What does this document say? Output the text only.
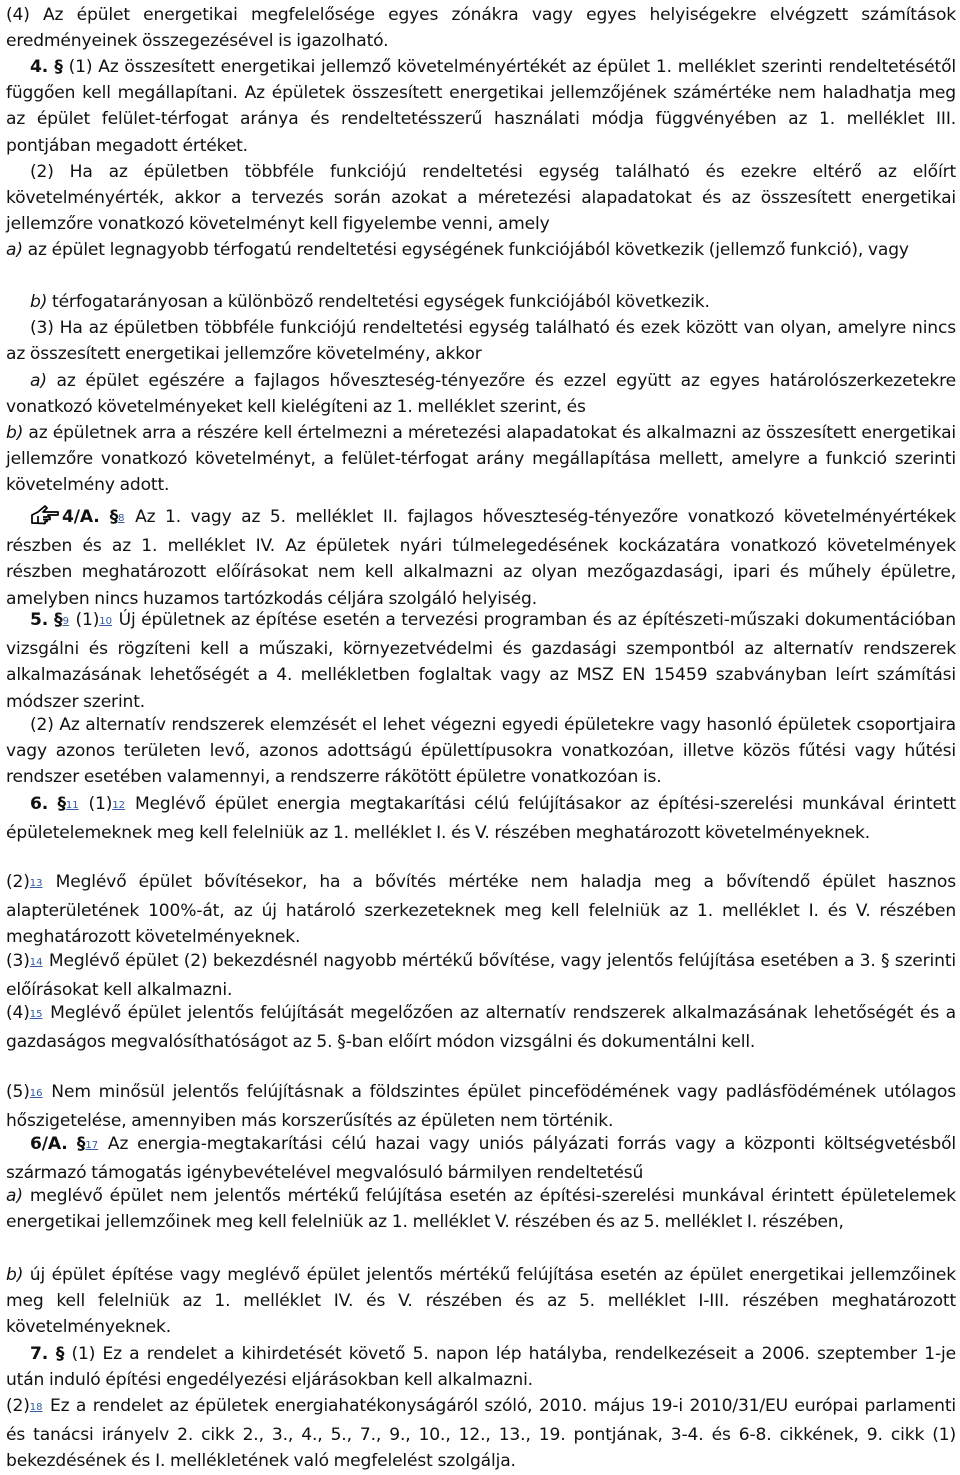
(4) Az épület energetikai megfelelősége egyes zónákra vagy egyes helyiségekre elvégzett számítások eredményeinek összegezésével is igazolható.

4. § (1) Az összesített energetikai jellemző követelményértékét az épület 1. melléklet szerinti rendeltetésétől függően kell megállapítani. Az épületek összesített energetikai jellemzőjének számértéke nem haladhatja meg az épület felület-térfogat aránya és rendeltetésszerű használati módja függvényében az 1. melléklet III. pontjában megadott értéket.

(2) Ha az épületben többféle funkciójú rendeltetési egység található és ezekre eltérő az előírt követelményérték, akkor a tervezés során azokat a méretezési alapadatokat és az összesített energetikai jellemzőre vonatkozó követelményt kell figyelembe venni, amely

a) az épület legnagyobb térfogatú rendeltetési egységének funkciójából következik (jellemző funkció), vagy

b) térfogatarányosan a különböző rendeltetési egységek funkciójából következik.

(3) Ha az épületben többféle funkciójú rendeltetési egység található és ezek között van olyan, amelyre nincs az összesített energetikai jellemzőre követelmény, akkor

a) az épület egészére a fajlagos hőveszteség-tényezőre és ezzel együtt az egyes határolószerkezetekre vonatkozó követelményeket kell kielégíteni az 1. melléklet szerint, és

b) az épületnek arra a részére kell értelmezni a méretezési alapadatokat és alkalmazni az összesített energetikai jellemzőre vonatkozó követelményt, a felület-térfogat arány megállapítása mellett, amelyre a funkció szerinti követelmény adott.

4/A. §8 Az 1. vagy az 5. melléklet II. fajlagos hőveszteség-tényezőre vonatkozó követelményértékek részben és az 1. melléklet IV. Az épületek nyári túlmelegedésének kockázatára vonatkozó követelmények részben meghatározott előírásokat nem kell alkalmazni az olyan mezőgazdasági, ipari és műhely épületre, amelyben nincs huzamos tartózkodás céljára szolgáló helyiség.

5. §9 (1)10 Új épületnek az építése esetén a tervezési programban és az építészeti-műszaki dokumentációban vizsgálni és rögzíteni kell a műszaki, környezetvédelmi és gazdasági szempontból az alternatív rendszerek alkalmazásának lehetőségét a 4. mellékletben foglaltak vagy az MSZ EN 15459 szabványban leírt számítási módszer szerint.

(2) Az alternatív rendszerek elemzését el lehet végezni egyedi épületekre vagy hasonló épületek csoportjaira vagy azonos területen levő, azonos adottságú épülettípusokra vonatkozóan, illetve közös fűtési vagy hűtési rendszer esetében valamennyi, a rendszerre rákötött épületre vonatkozóan is.

6. §11 (1)12 Meglévő épület energia megtakarítási célú felújításakor az építési-szerelési munkával érintett épületelemeknek meg kell felelniük az 1. melléklet I. és V. részében meghatározott követelményeknek.

(2)13 Meglévő épület bővítésekor, ha a bővítés mértéke nem haladja meg a bővítendő épület hasznos alapterületének 100%-át, az új határoló szerkezeteknek meg kell felelniük az 1. melléklet I. és V. részében meghatározott követelményeknek.

(3)14 Meglévő épület (2) bekezdésnél nagyobb mértékű bővítése, vagy jelentős felújítása esetében a 3. § szerinti előírásokat kell alkalmazni.

(4)15 Meglévő épület jelentős felújítását megelőzően az alternatív rendszerek alkalmazásának lehetőségét és a gazdaságos megvalósíthatóságot az 5. §-ban előírt módon vizsgálni és dokumentálni kell.

(5)16 Nem minősül jelentős felújításnak a földszintes épület pincefödémének vagy padlásfödémének utólagos hőszigetelése, amennyiben más korszerűsítés az épületen nem történik.

6/A. §17 Az energia-megtakarítási célú hazai vagy uniós pályázati forrás vagy a központi költségvetésből származó támogatás igénybevételével megvalósuló bármilyen rendeltetésű

a) meglévő épület nem jelentős mértékű felújítása esetén az építési-szerelési munkával érintett épületelemek energetikai jellemzőinek meg kell felelniük az 1. melléklet V. részében és az 5. melléklet I. részében,

b) új épület építése vagy meglévő épület jelentős mértékű felújítása esetén az épület energetikai jellemzőinek meg kell felelniük az 1. melléklet IV. és V. részében és az 5. melléklet I-III. részében meghatározott követelményeknek.

7. § (1) Ez a rendelet a kihirdetését követő 5. napon lép hatályba, rendelkezéseit a 2006. szeptember 1-je után induló építési engedélyezési eljárásokban kell alkalmazni.

(2)18 Ez a rendelet az épületek energiahatékonyságáról szóló, 2010. május 19-i 2010/31/EU európai parlamenti és tanácsi irányelv 2. cikk 2., 3., 4., 5., 7., 9., 10., 12., 13., 19. pontjának, 3-4. és 6-8. cikkének, 9. cikk (1) bekezdésének és I. mellékletének való megfelelést szolgálja.
